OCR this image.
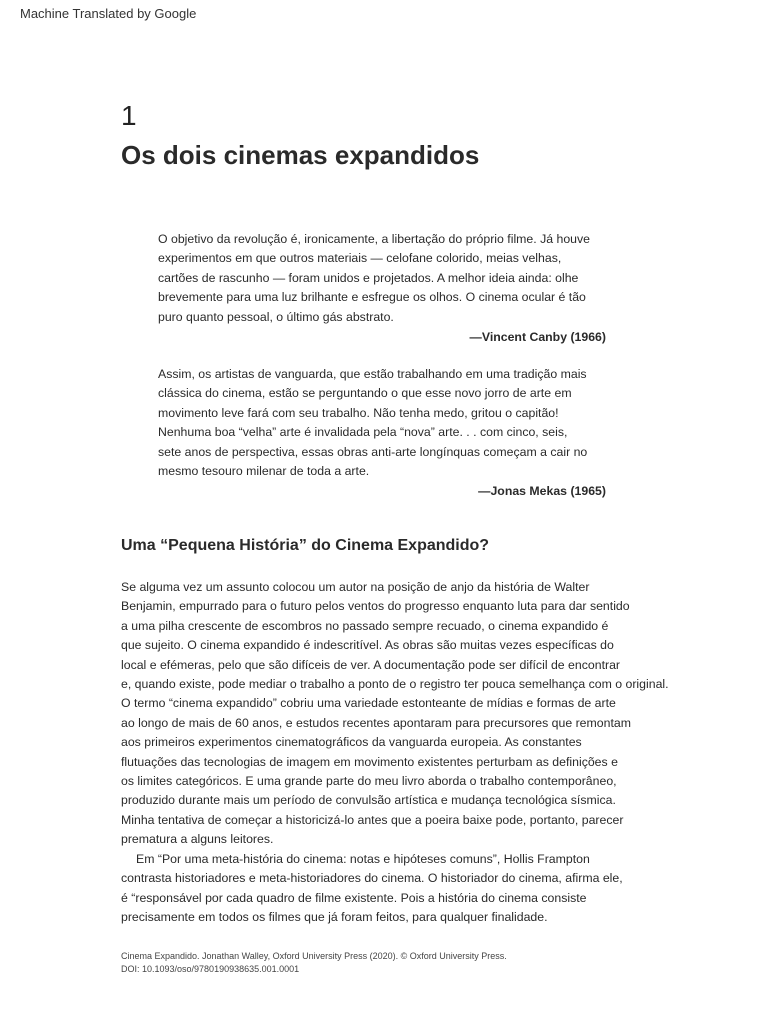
Machine Translated by Google
1
Os dois cinemas expandidos

O objetivo da revolução é, ironicamente, a libertação do próprio filme. Já houve

experimentos em que outros materiais — celofane colorido, meias velhas,

cartões de rascunho — foram unidos e projetados. A melhor ideia ainda: olhe

brevemente para uma luz brilhante e esfregue os olhos. O cinema ocular é tão

puro quanto pessoal, o último gás abstrato.

—Vincent Canby (1966)

Assim, os artistas de vanguarda, que estão trabalhando em uma tradição mais

clássica do cinema, estão se perguntando o que esse novo jorro de arte em

movimento leve fará com seu trabalho. Não tenha medo, gritou o capitão!

Nenhuma boa “velha” arte é invalidada pela “nova” arte. . . com cinco, seis,

sete anos de perspectiva, essas obras anti-arte longínquas começam a cair no

mesmo tesouro milenar de toda a arte.

—Jonas Mekas (1965)

Uma “Pequena História” do Cinema Expandido?
Se alguma vez um assunto colocou um autor na posição de anjo da história de Walter
Benjamin, empurrado para o futuro pelos ventos do progresso enquanto luta para dar sentido
a uma pilha crescente de escombros no passado sempre recuado, o cinema expandido é
que sujeito. O cinema expandido é indescritível. As obras são muitas vezes específicas do
local e efémeras, pelo que são difíceis de ver. A documentação pode ser difícil de encontrar
e, quando existe, pode mediar o trabalho a ponto de o registro ter pouca semelhança com o original.
O termo “cinema expandido” cobriu uma variedade estonteante de mídias e formas de arte
ao longo de mais de 60 anos, e estudos recentes apontaram para precursores que remontam
aos primeiros experimentos cinematográficos da vanguarda europeia. As constantes
flutuações das tecnologias de imagem em movimento existentes perturbam as definições e
os limites categóricos. E uma grande parte do meu livro aborda o trabalho contemporâneo,
produzido durante mais um período de convulsão artística e mudança tecnológica sísmica.
Minha tentativa de começar a historicizá-lo antes que a poeira baixe pode, portanto, parecer
prematura a alguns leitores.
Em “Por uma meta-história do cinema: notas e hipóteses comuns”, Hollis Frampton
contrasta historiadores e meta-historiadores do cinema. O historiador do cinema, afirma ele,
é “responsável por cada quadro de filme existente. Pois a história do cinema consiste
precisamente em todos os filmes que já foram feitos, para qualquer finalidade.
Cinema Expandido. Jonathan Walley, Oxford University Press (2020). © Oxford University Press.
DOI: 10.1093/oso/9780190938635.001.0001
